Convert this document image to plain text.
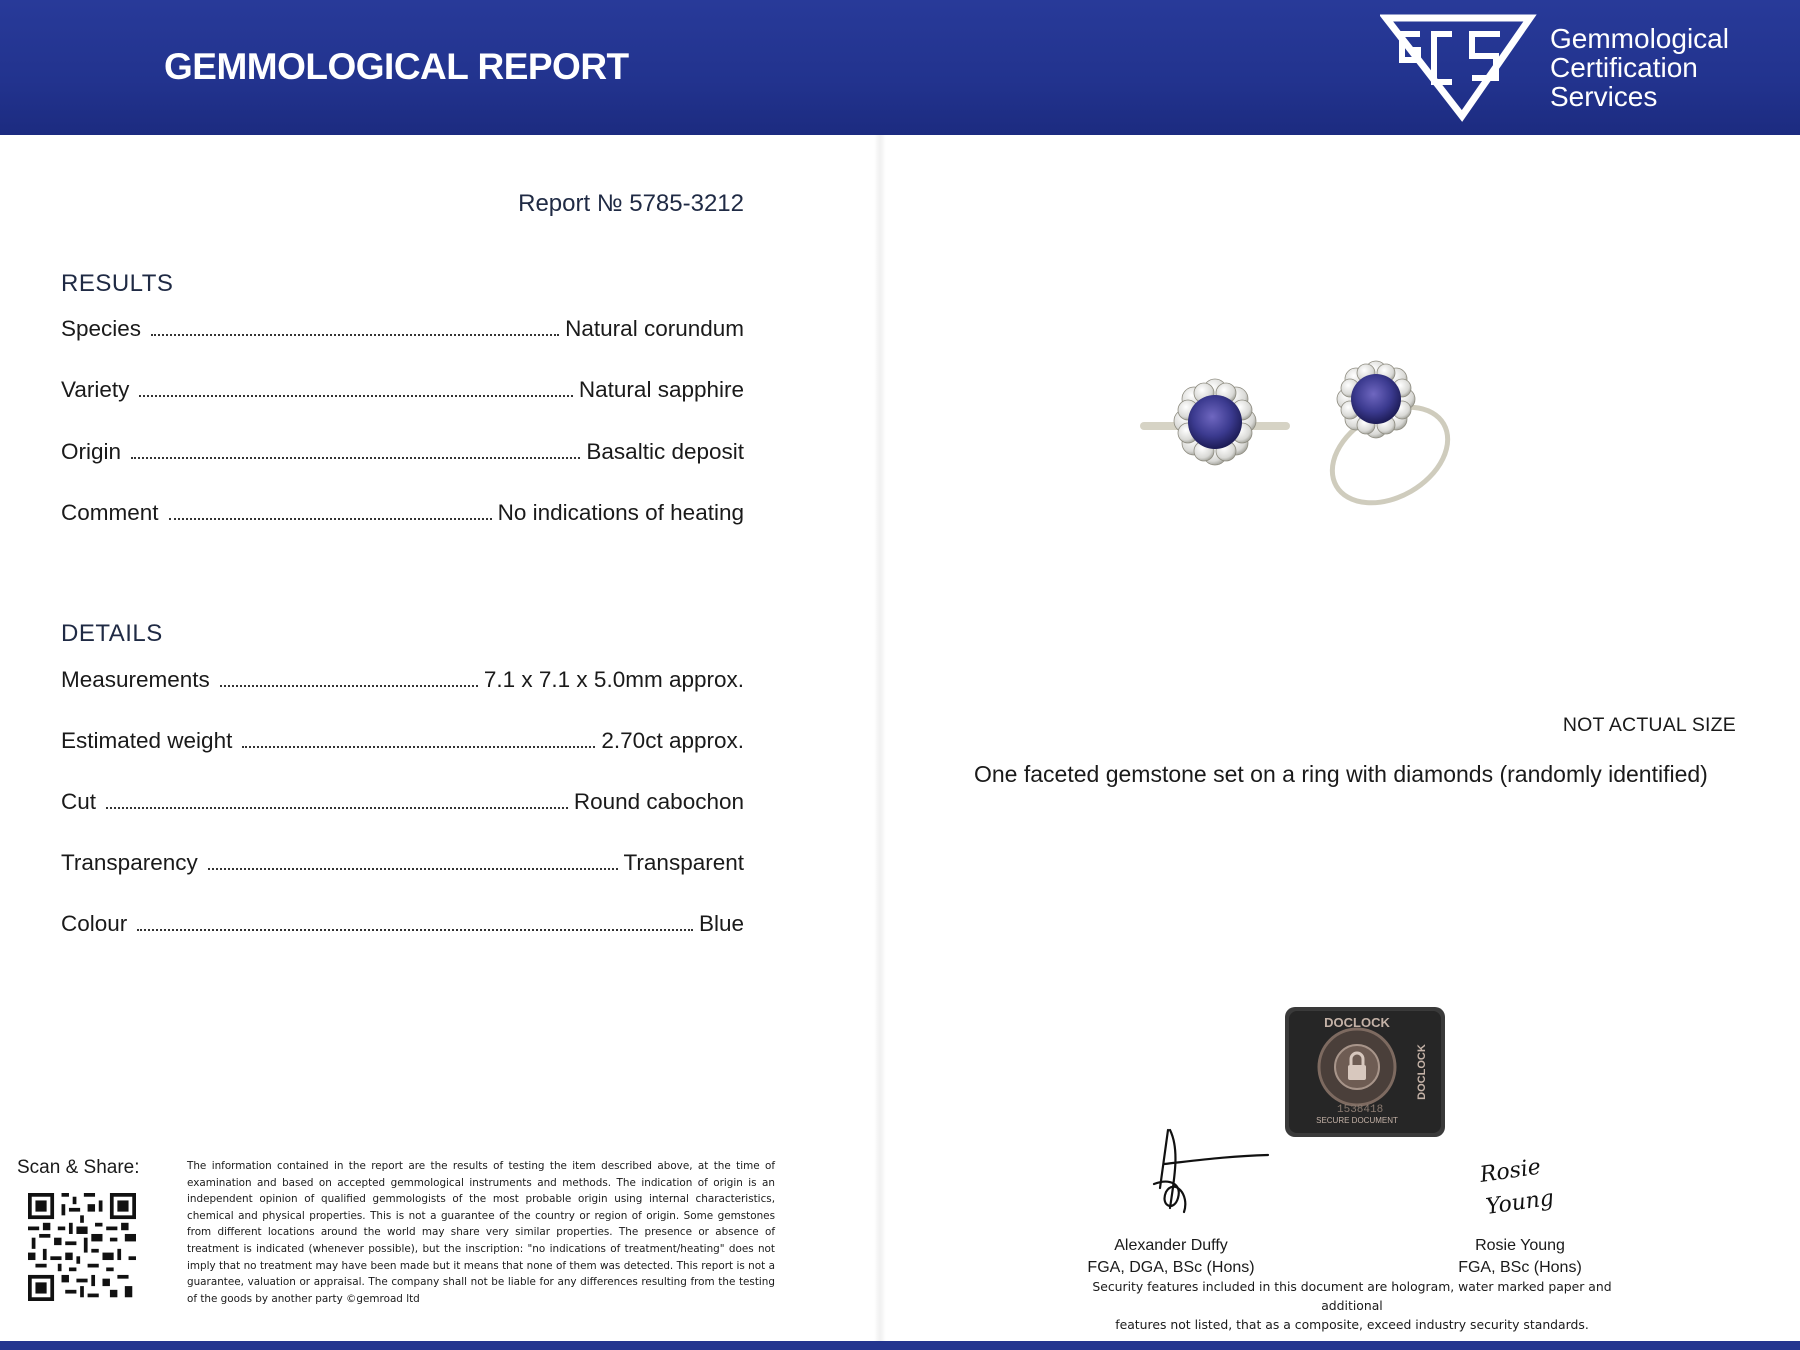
GEMMOLOGICAL REPORT
Report № 5785-3212
RESULTS
Species	Natural corundum
Variety	Natural sapphire
Origin	Basaltic deposit
Comment	No indications of heating
DETAILS
Measurements	7.1 x 7.1 x 5.0mm approx.
Estimated weight	2.70ct approx.
Cut	Round cabochon
Transparency	Transparent
Colour	Blue
Scan & Share:	The information contained in the report are the results of testing the item described above, at the time of examination and based on accepted gemmological instruments and methods. The indication of origin is an independent opinion of qualified gemmologists of the most probable origin using internal characteristics, chemical and physical properties. This is not a guarantee of the country or region of origin. Some gemstones from different locations around the world may share very similar properties. The presence or absence of treatment is indicated (whenever possible), but the inscription: "no indications of treatment/heating" does not imply that no treatment may have been made but it means that none of them was detected. This report is not a guarantee, valuation or appraisal. The company shall not be liable for any differences resulting from the testing of the goods by another party ©gemroad ltd

Gemmological
Certification
Services
NOT ACTUAL SIZE
One faceted gemstone set on a ring with diamonds (randomly identified)
DOCLOCK
SECURE DOCUMENT
DOCLOCK
1538418
Rosie
Young
Alexander Duffy
FGA, DGA, BSc (Hons)
Rosie Young
FGA, BSc (Hons)
Security features included in this document are hologram, water marked paper and additional
features not listed, that as a composite, exceed industry security standards.
